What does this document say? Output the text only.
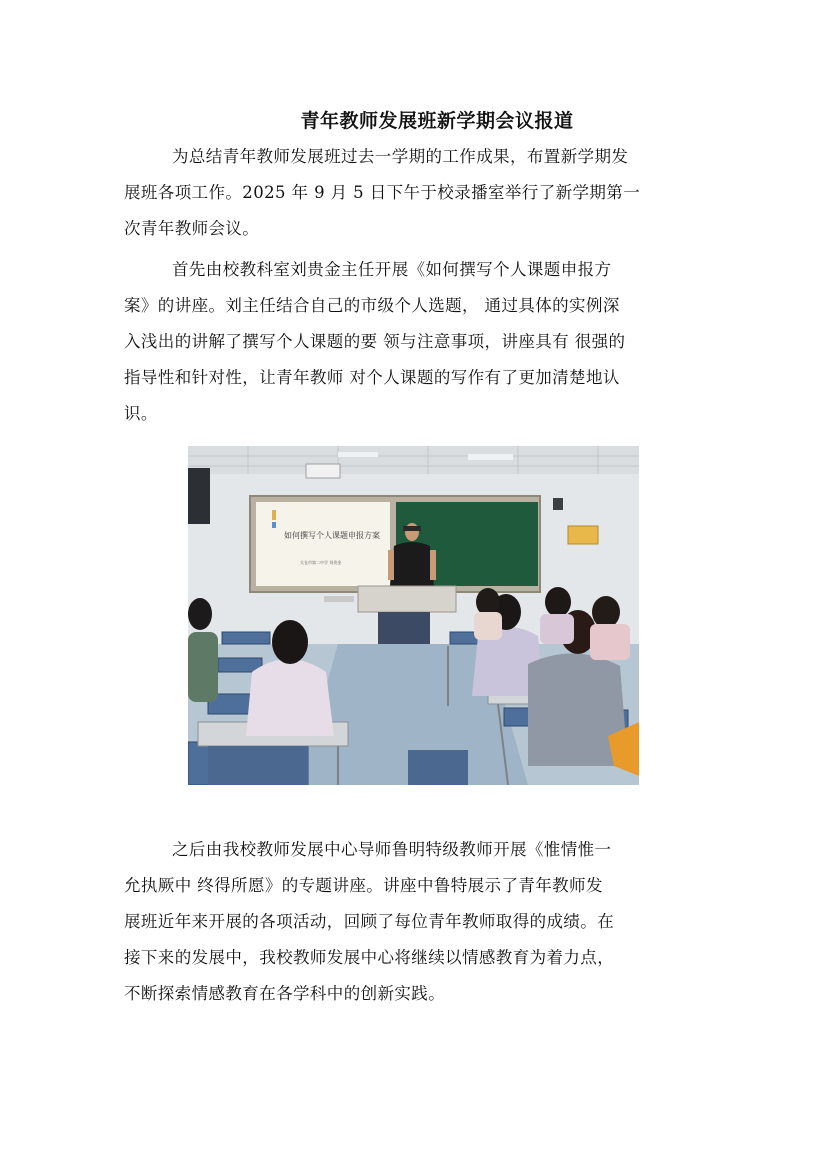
青年教师发展班新学期会议报道
为总结青年教师发展班过去一学期的工作成果，布置新学期发
展班各项工作。2025 年 9 月 5 日下午于校录播室举行了新学期第一
次青年教师会议。
首先由校教科室刘贵金主任开展《如何撰写个人课题申报方
案》的讲座。刘主任结合自己的市级个人选题， 通过具体的实例深
入浅出的讲解了撰写个人课题的要 领与注意事项，讲座具有 很强的
指导性和针对性，让青年教师 对个人课题的写作有了更加清楚地认
识。
如何撰写个人课题申报方案
太仓市第二中学 刘贵金
之后由我校教师发展中心导师鲁明特级教师开展《惟情惟一
允执厥中 终得所愿》的专题讲座。讲座中鲁特展示了青年教师发
展班近年来开展的各项活动，回顾了每位青年教师取得的成绩。在
接下来的发展中，我校教师发展中心将继续以情感教育为着力点，
不断探索情感教育在各学科中的创新实践。
